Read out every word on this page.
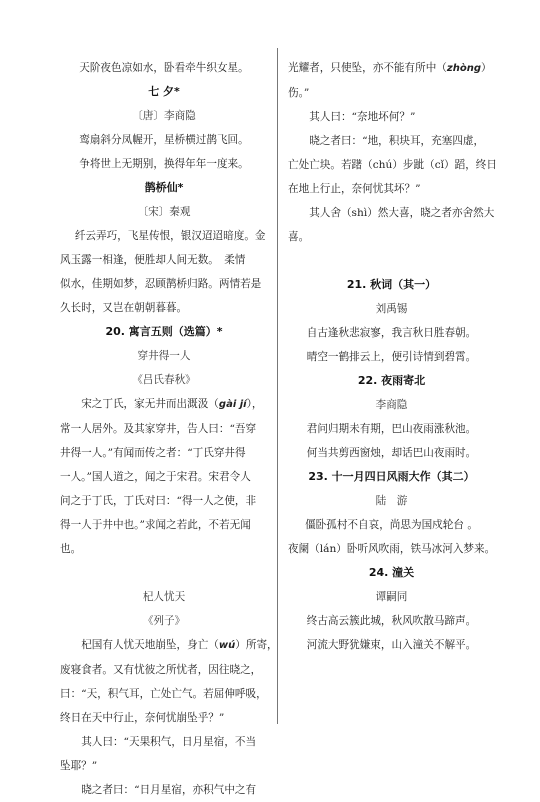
天阶夜色凉如水，卧看牵牛织女星。
七 夕*
〔唐〕李商隐
鸾扇斜分凤幄开，星桥横过鹊飞回。
争将世上无期别，换得年年一度来。
鹊桥仙*
〔宋〕秦观
纤云弄巧，飞星传恨，银汉迢迢暗度。金
风玉露一相逢，便胜却人间无数。　柔情
似水，佳期如梦，忍顾鹊桥归路。两情若是
久长时，又岂在朝朝暮暮。
20. 寓言五则（选篇）*
穿井得一人
《吕氏春秋》
宋之丁氏，家无井而出溉汲（gài jí），
常一人居外。及其家穿井，告人曰：“吾穿
井得一人。”有闻而传之者：“丁氏穿井得
一人。”国人道之，闻之于宋君。宋君令人
问之于丁氏，丁氏对曰：“得一人之使，非
得一人于井中也。”求闻之若此，不若无闻
也。

杞人忧天
《列子》
杞国有人忧天地崩坠，身亡（wú）所寄，
废寝食者。又有忧彼之所忧者，因往晓之，
曰：“天，积气耳，亡处亡气。若屈伸呼吸，
终日在天中行止，奈何忧崩坠乎？”
其人曰：“天果积气，日月星宿，不当
坠耶？”
晓之者曰：“日月星宿，亦积气中之有
光耀者，只使坠，亦不能有所中（zhòng）
伤。”
其人曰：“奈地坏何？”
晓之者曰：“地，积块耳，充塞四虚，
亡处亡块。若躇（chú）步跐（cǐ）蹈，终日
在地上行止，奈何忧其坏？”
其人舍（shì）然大喜，晓之者亦舍然大
喜。

21. 秋词（其一）
刘禹锡
自古逢秋悲寂寥，我言秋日胜春朝。
晴空一鹤排云上，便引诗情到碧霄。
22. 夜雨寄北
李商隐
君问归期未有期，巴山夜雨涨秋池。
何当共剪西窗烛，却话巴山夜雨时。
23. 十一月四日风雨大作（其二）
陆　游
僵卧孤村不自哀，尚思为国戍轮台 。
夜阑（lán）卧听风吹雨，铁马冰河入梦来。
24. 潼关
谭嗣同
终古高云簇此城，秋风吹散马蹄声。
河流大野犹嫌束，山入潼关不解平。
